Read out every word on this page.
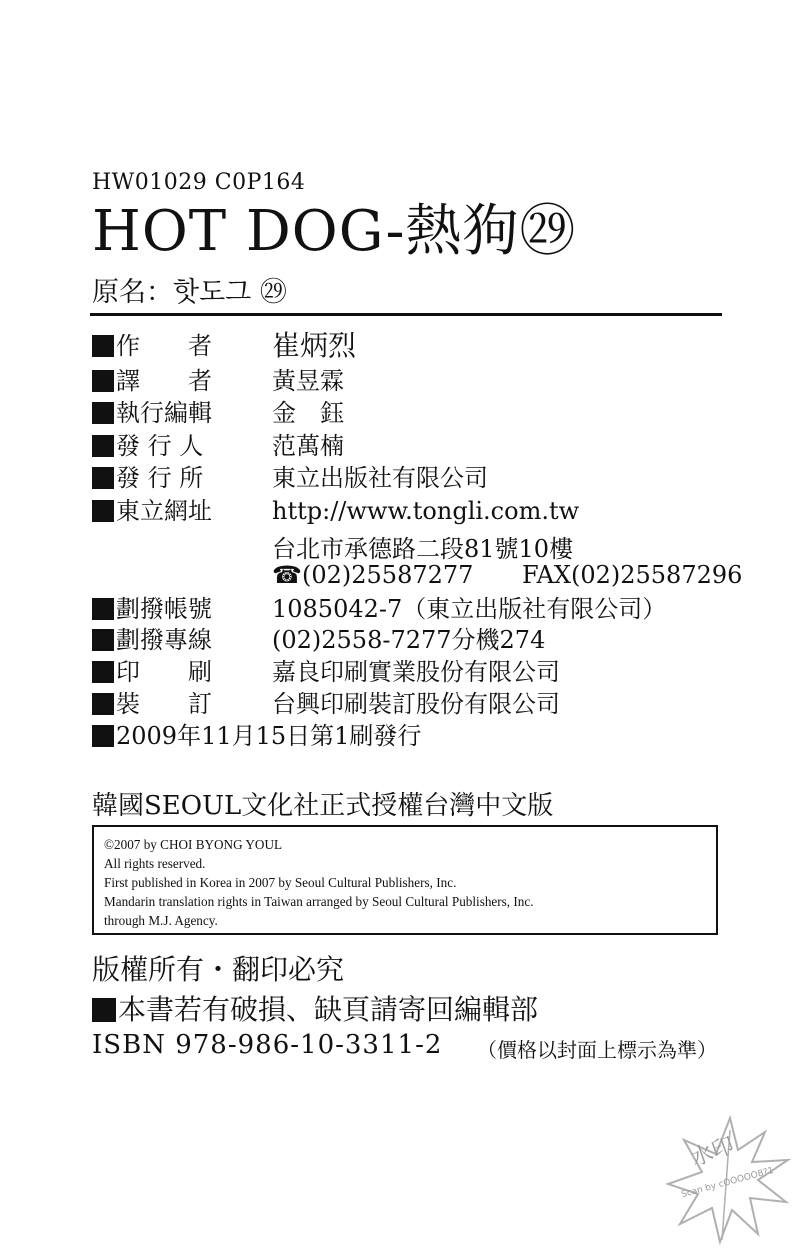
HW01029 C0P164
HOT DOG-熱狗㉙
原名：핫도그 ㉙
作　　者 崔炳烈
譯　　者	黃昱霖
執行編輯	金　鈺
發 行 人	范萬楠
發 行 所	東立出版社有限公司
東立網址	http://www.tongli.com.tw
台北市承德路二段81號10樓
☎(02)25587277 FAX(02)25587296
劃撥帳號	1085042-7（東立出版社有限公司）
劃撥專線	(02)2558-7277分機274
印　　刷	嘉良印刷實業股份有限公司
裝　　訂	台興印刷裝訂股份有限公司
2009年11月15日第1刷發行
韓國SEOUL文化社正式授權台灣中文版
©2007 by CHOI BYONG YOUL
All rights reserved.
First published in Korea in 2007 by Seoul Cultural Publishers, Inc.
Mandarin translation rights in Taiwan arranged by Seoul Cultural Publishers, Inc.
through M.J. Agency.
版權所有・翻印必究
本書若有破損、缺頁請寄回編輯部
ISBN 978-986-10-3311-2 （價格以封面上標示為準）
水印
Scan by cOOOOO8?1
